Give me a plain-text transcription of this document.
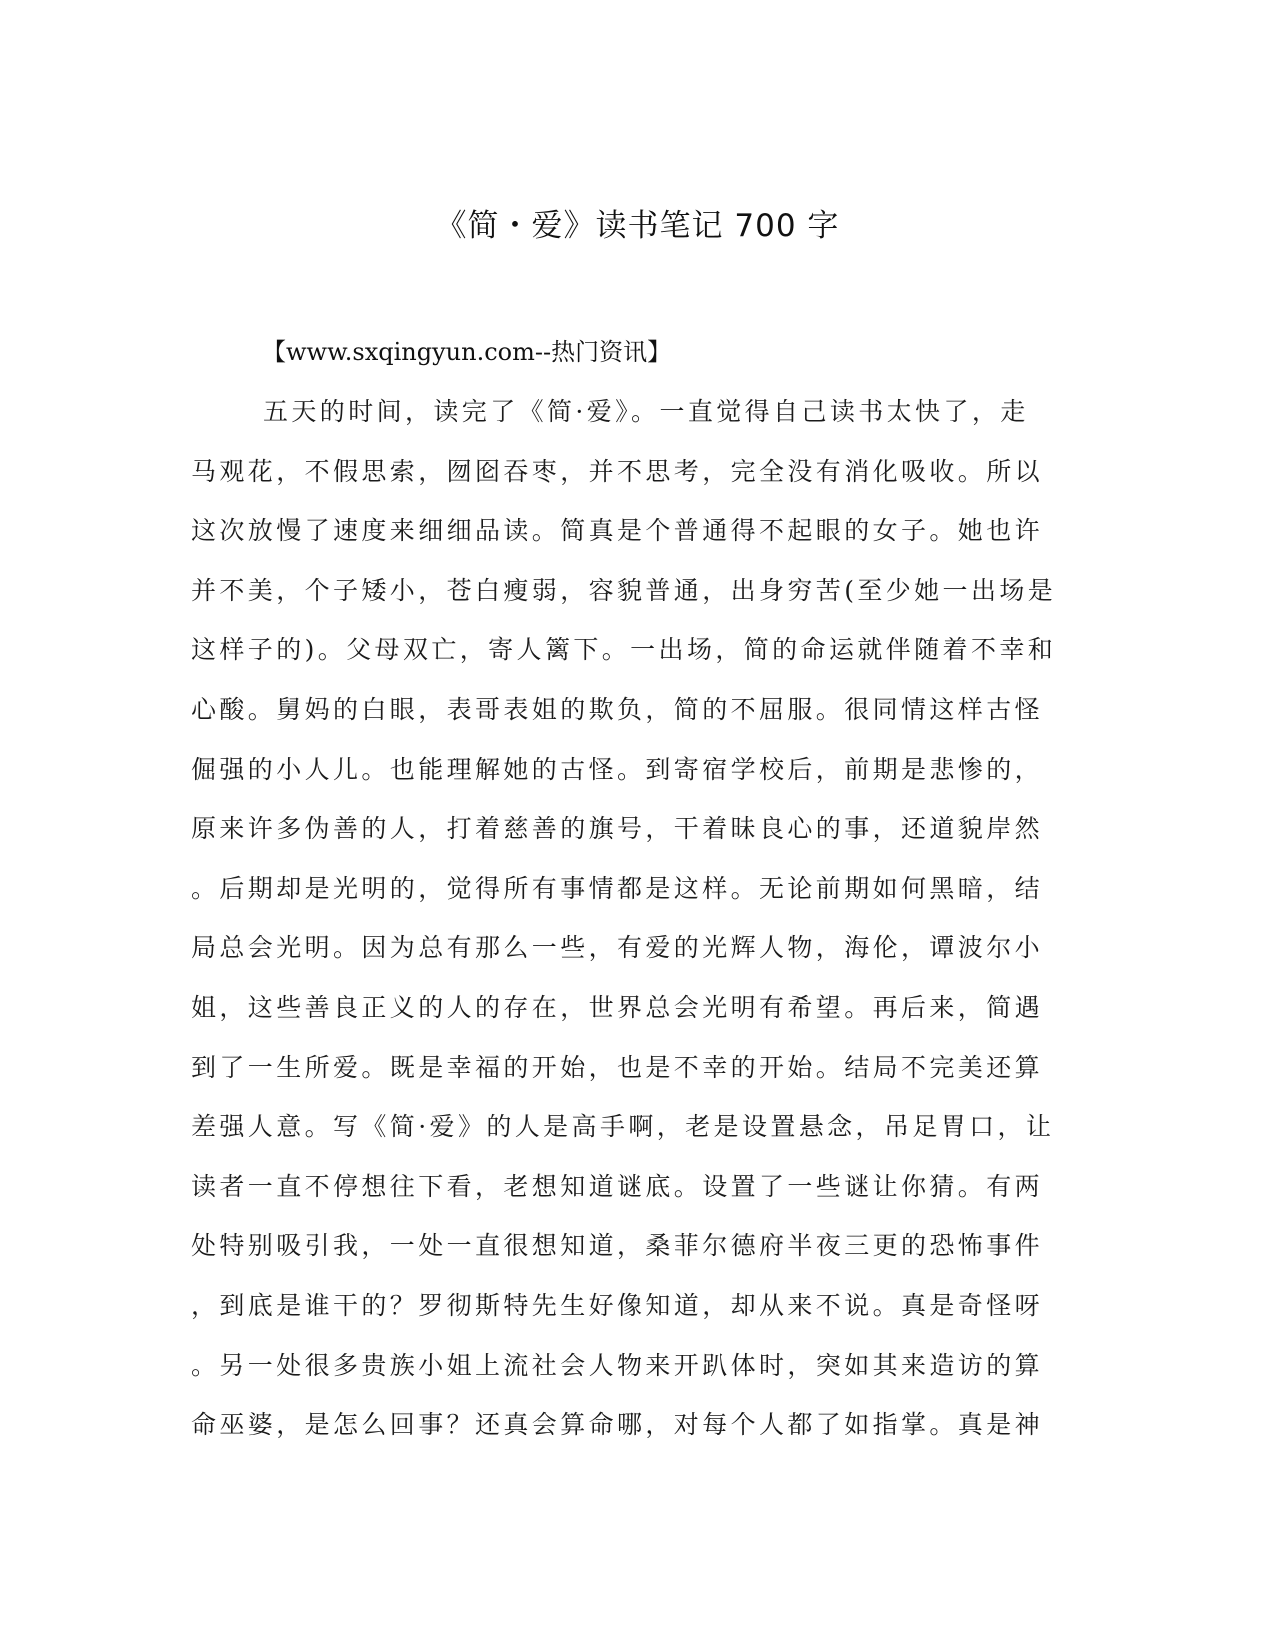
《简・爱》读书笔记 700 字
【www.sxqingyun.com--热门资讯】
五天的时间，读完了《简·爱》。一直觉得自己读书太快了，走
马观花，不假思索，囫囵吞枣，并不思考，完全没有消化吸收。所以
这次放慢了速度来细细品读。简真是个普通得不起眼的女子。她也许
并不美，个子矮小，苍白瘦弱，容貌普通，出身穷苦(至少她一出场是
这样子的)。父母双亡，寄人篱下。一出场，简的命运就伴随着不幸和
心酸。舅妈的白眼，表哥表姐的欺负，简的不屈服。很同情这样古怪
倔强的小人儿。也能理解她的古怪。到寄宿学校后，前期是悲惨的，
原来许多伪善的人，打着慈善的旗号，干着昧良心的事，还道貌岸然
。后期却是光明的，觉得所有事情都是这样。无论前期如何黑暗，结
局总会光明。因为总有那么一些，有爱的光辉人物，海伦，谭波尔小
姐，这些善良正义的人的存在，世界总会光明有希望。再后来，简遇
到了一生所爱。既是幸福的开始，也是不幸的开始。结局不完美还算
差强人意。写《简·爱》的人是高手啊，老是设置悬念，吊足胃口，让
读者一直不停想往下看，老想知道谜底。设置了一些谜让你猜。有两
处特别吸引我，一处一直很想知道，桑菲尔德府半夜三更的恐怖事件
，到底是谁干的？罗彻斯特先生好像知道，却从来不说。真是奇怪呀
。另一处很多贵族小姐上流社会人物来开趴体时，突如其来造访的算
命巫婆，是怎么回事？还真会算命哪，对每个人都了如指掌。真是神
